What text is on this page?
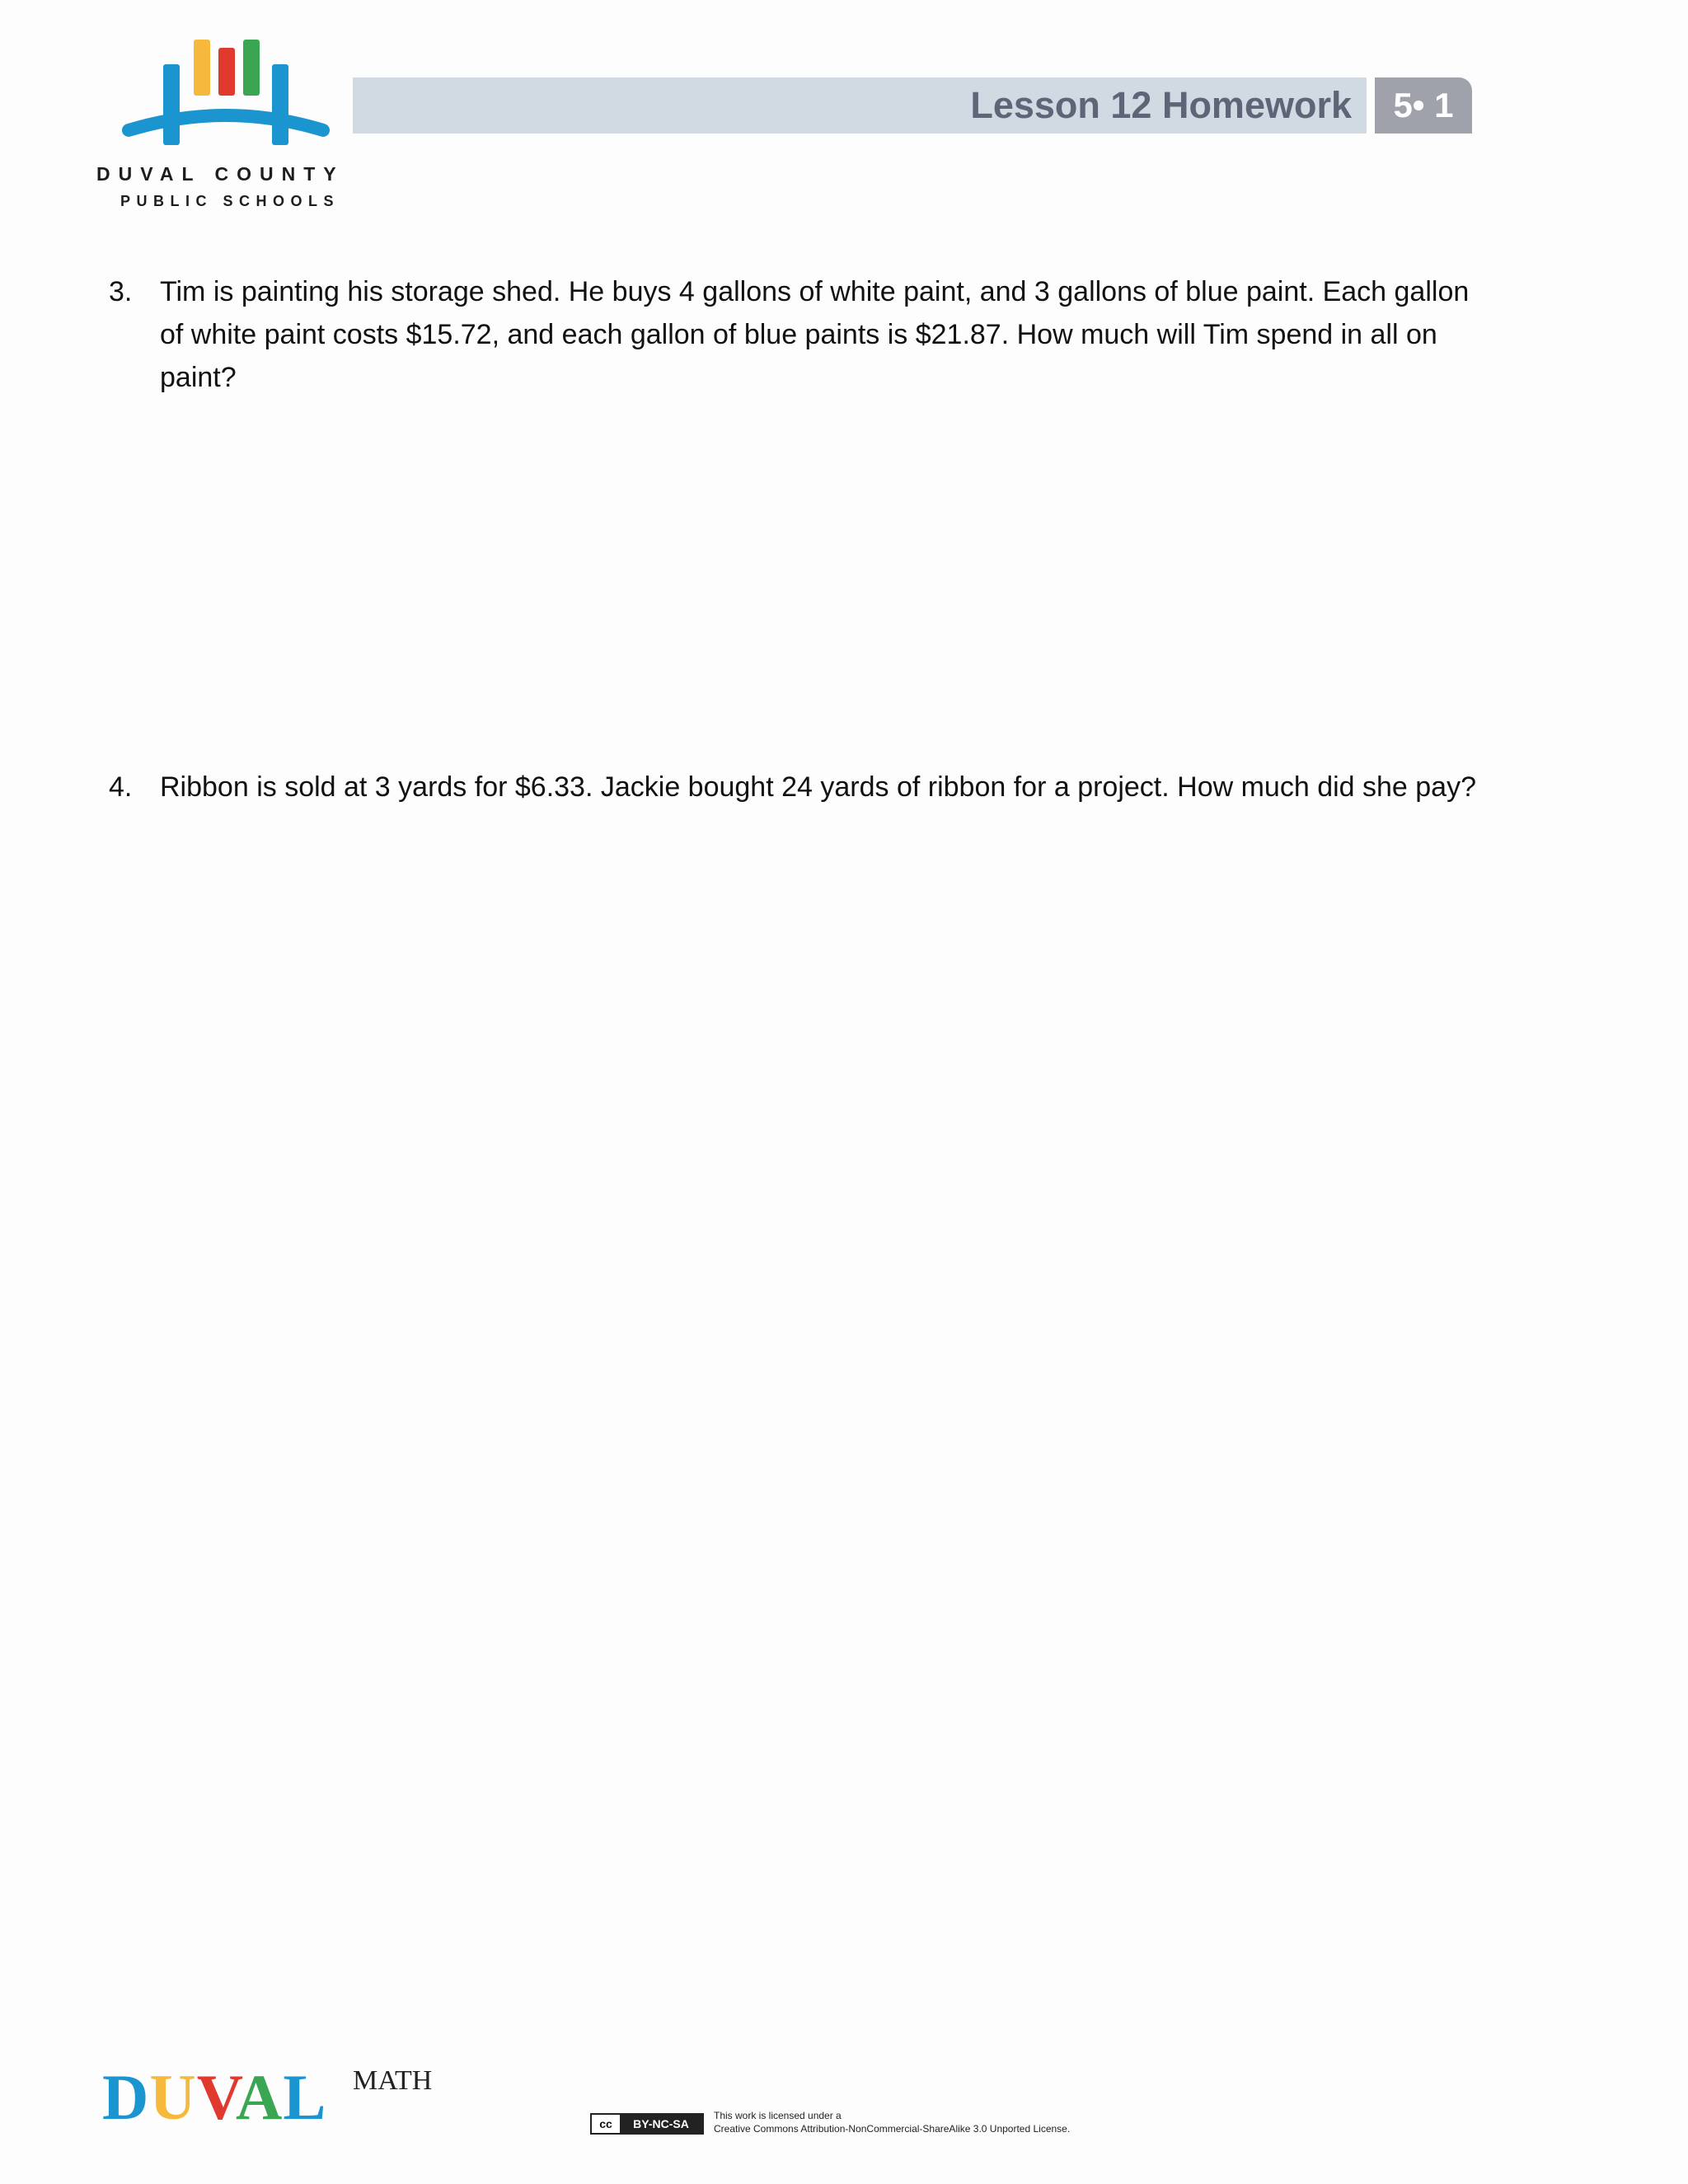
DUVAL COUNTY
PUBLIC SCHOOLS
Lesson 12 Homework	5• 1
3. Tim is painting his storage shed. He buys 4 gallons of white paint, and 3 gallons of blue paint. Each gallon of white paint costs $15.72, and each gallon of blue paints is $21.87. How much will Tim spend in all on paint?
4. Ribbon is sold at 3 yards for $6.33. Jackie bought 24 yards of ribbon for a project. How much did she pay?
DUVAL MATH
cc	BY-NC-SA
This work is licensed under a
Creative Commons Attribution-NonCommercial-ShareAlike 3.0 Unported License.
